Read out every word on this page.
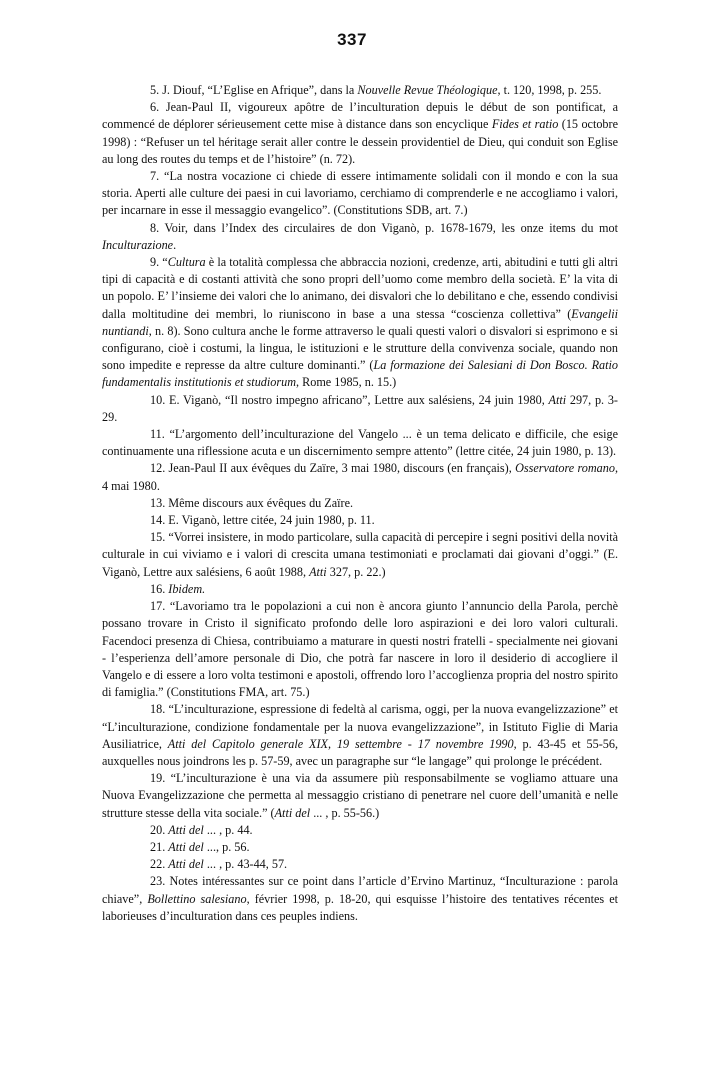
337

5. J. Diouf, “L’Eglise en Afrique”, dans la Nouvelle Revue Théologique, t. 120, 1998, p. 255.

6. Jean-Paul II, vigoureux apôtre de l’inculturation depuis le début de son pontificat, a commencé de déplorer sérieusement cette mise à distance dans son encyclique Fides et ratio (15 octobre 1998) : “Refuser un tel héritage serait aller contre le dessein providentiel de Dieu, qui conduit son Eglise au long des routes du temps et de l’histoire” (n. 72).

7. “La nostra vocazione ci chiede di essere intimamente solidali con il mondo e con la sua storia. Aperti alle culture dei paesi in cui lavoriamo, cerchiamo di comprenderle e ne accogliamo i valori, per incarnare in esse il messaggio evangelico”. (Constitutions SDB, art. 7.)

8. Voir, dans l’Index des circulaires de don Viganò, p. 1678-1679, les onze items du mot Inculturazione.

9. “Cultura è la totalità complessa che abbraccia nozioni, credenze, arti, abitudini e tutti gli altri tipi di capacità e di costanti attività che sono propri dell’uomo come membro della società. E’ la vita di un popolo. E’ l’insieme dei valori che lo animano, dei disvalori che lo debilitano e che, essendo condivisi dalla moltitudine dei membri, lo riuniscono in base a una stessa “coscienza collettiva” (Evangelii nuntiandi, n. 8). Sono cultura anche le forme attraverso le quali questi valori o disvalori si esprimono e si configurano, cioè i costumi, la lingua, le istituzioni e le strutture della convivenza sociale, quando non sono impedite e represse da altre culture dominanti.” (La formazione dei Salesiani di Don Bosco. Ratio fundamentalis institutionis et studiorum, Rome 1985, n. 15.)

10. E. Viganò, “Il nostro impegno africano”, Lettre aux salésiens, 24 juin 1980, Atti 297, p. 3-29.

11. “L’argomento dell’inculturazione del Vangelo ... è un tema delicato e difficile, che esige continuamente una riflessione acuta e un discernimento sempre attento” (lettre citée, 24 juin 1980, p. 13).

12. Jean-Paul II aux évêques du Zaïre, 3 mai 1980, discours (en français), Osservatore romano, 4 mai 1980.

13. Même discours aux évêques du Zaïre.

14. E. Viganò, lettre citée, 24 juin 1980, p. 11.

15. “Vorrei insistere, in modo particolare, sulla capacità di percepire i segni positivi della novità culturale in cui viviamo e i valori di crescita umana testimoniati e proclamati dai giovani d’oggi.” (E. Viganò, Lettre aux salésiens, 6 août 1988, Atti 327, p. 22.)

16. Ibidem.

17. “Lavoriamo tra le popolazioni a cui non è ancora giunto l’annuncio della Parola, perchè possano trovare in Cristo il significato profondo delle loro aspirazioni e dei loro valori culturali. Facendoci presenza di Chiesa, contribuiamo a maturare in questi nostri fratelli - specialmente nei giovani - l’esperienza dell’amore personale di Dio, che potrà far nascere in loro il desiderio di accogliere il Vangelo e di essere a loro volta testimoni e apostoli, offrendo loro l’accoglienza propria del nostro spirito di famiglia.” (Constitutions FMA, art. 75.)

18. “L’inculturazione, espressione di fedeltà al carisma, oggi, per la nuova evangelizzazione” et “L’inculturazione, condizione fondamentale per la nuova evangelizzazione”, in Istituto Figlie di Maria Ausiliatrice, Atti del Capitolo generale XIX, 19 settembre - 17 novembre 1990, p. 43-45 et 55-56, auxquelles nous joindrons les p. 57-59, avec un paragraphe sur “le langage” qui prolonge le précédent.

19. “L’inculturazione è una via da assumere più responsabilmente se vogliamo attuare una Nuova Evangelizzazione che permetta al messaggio cristiano di penetrare nel cuore dell’umanità e nelle strutture stesse della vita sociale.” (Atti del ... , p. 55-56.)

20. Atti del ... , p. 44.

21. Atti del ..., p. 56.

22. Atti del ... , p. 43-44, 57.

23. Notes intéressantes sur ce point dans l’article d’Ervino Martinuz, “Inculturazione : parola chiave”, Bollettino salesiano, février 1998, p. 18-20, qui esquisse l’histoire des tentatives récentes et laborieuses d’inculturation dans ces peuples indiens.
